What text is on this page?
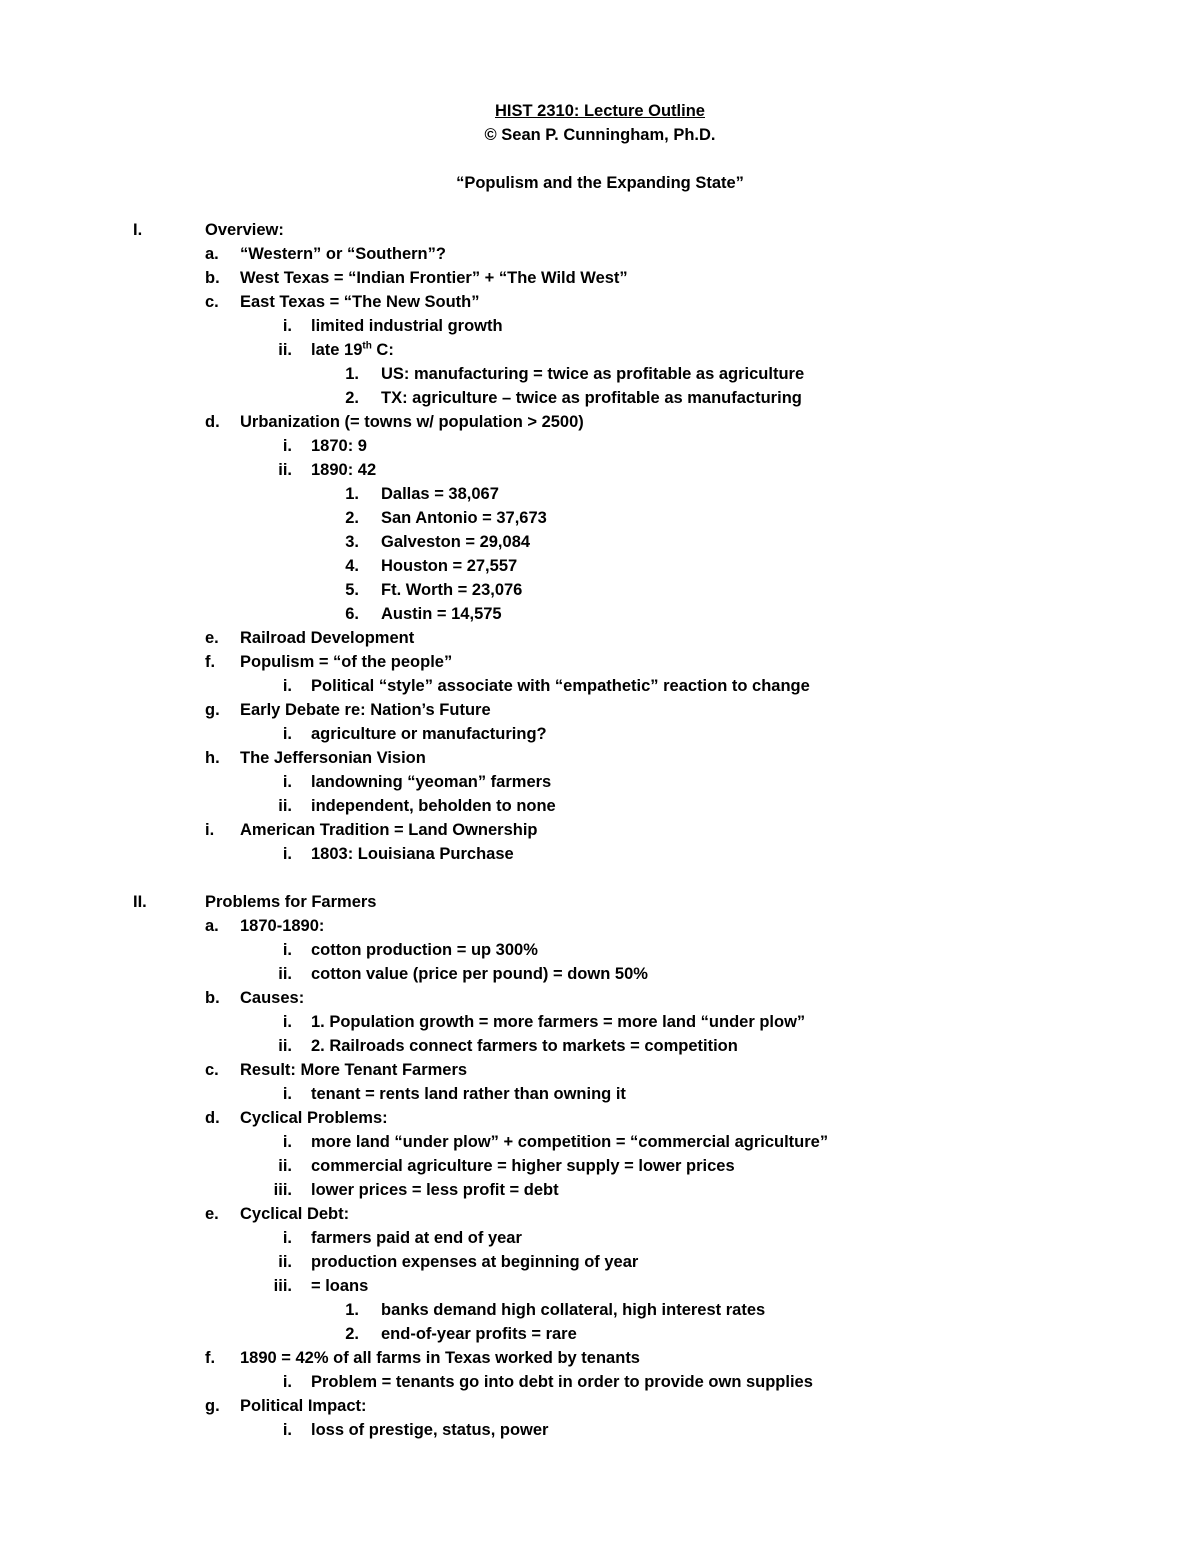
HIST 2310: Lecture Outline
© Sean P. Cunningham, Ph.D.
“Populism and the Expanding State”
I.	Overview:
a. “Western” or “Southern”?
b. West Texas = “Indian Frontier” + “The Wild West”
c. East Texas = “The New South”
i. limited industrial growth
ii. late 19th C:
1. US: manufacturing = twice as profitable as agriculture
2. TX: agriculture – twice as profitable as manufacturing
d. Urbanization (= towns w/ population > 2500)
i. 1870: 9
ii. 1890: 42
1. Dallas = 38,067
2. San Antonio = 37,673
3. Galveston = 29,084
4. Houston = 27,557
5. Ft. Worth = 23,076
6. Austin = 14,575
e. Railroad Development
f. Populism = “of the people”
i. Political “style” associate with “empathetic” reaction to change
g. Early Debate re: Nation’s Future
i. agriculture or manufacturing?
h. The Jeffersonian Vision
i. landowning “yeoman” farmers
ii. independent, beholden to none
i. American Tradition = Land Ownership
i. 1803: Louisiana Purchase
II.	Problems for Farmers
a. 1870-1890:
i. cotton production = up 300%
ii. cotton value (price per pound) = down 50%
b. Causes:
i. 1. Population growth = more farmers = more land “under plow”
ii. 2. Railroads connect farmers to markets = competition
c. Result: More Tenant Farmers
i. tenant = rents land rather than owning it
d. Cyclical Problems:
i. more land “under plow” + competition = “commercial agriculture”
ii. commercial agriculture = higher supply = lower prices
iii. lower prices = less profit = debt
e. Cyclical Debt:
i. farmers paid at end of year
ii. production expenses at beginning of year
iii. = loans
1. banks demand high collateral, high interest rates
2. end-of-year profits = rare
f. 1890 = 42% of all farms in Texas worked by tenants
i. Problem = tenants go into debt in order to provide own supplies
g. Political Impact:
i. loss of prestige, status, power
